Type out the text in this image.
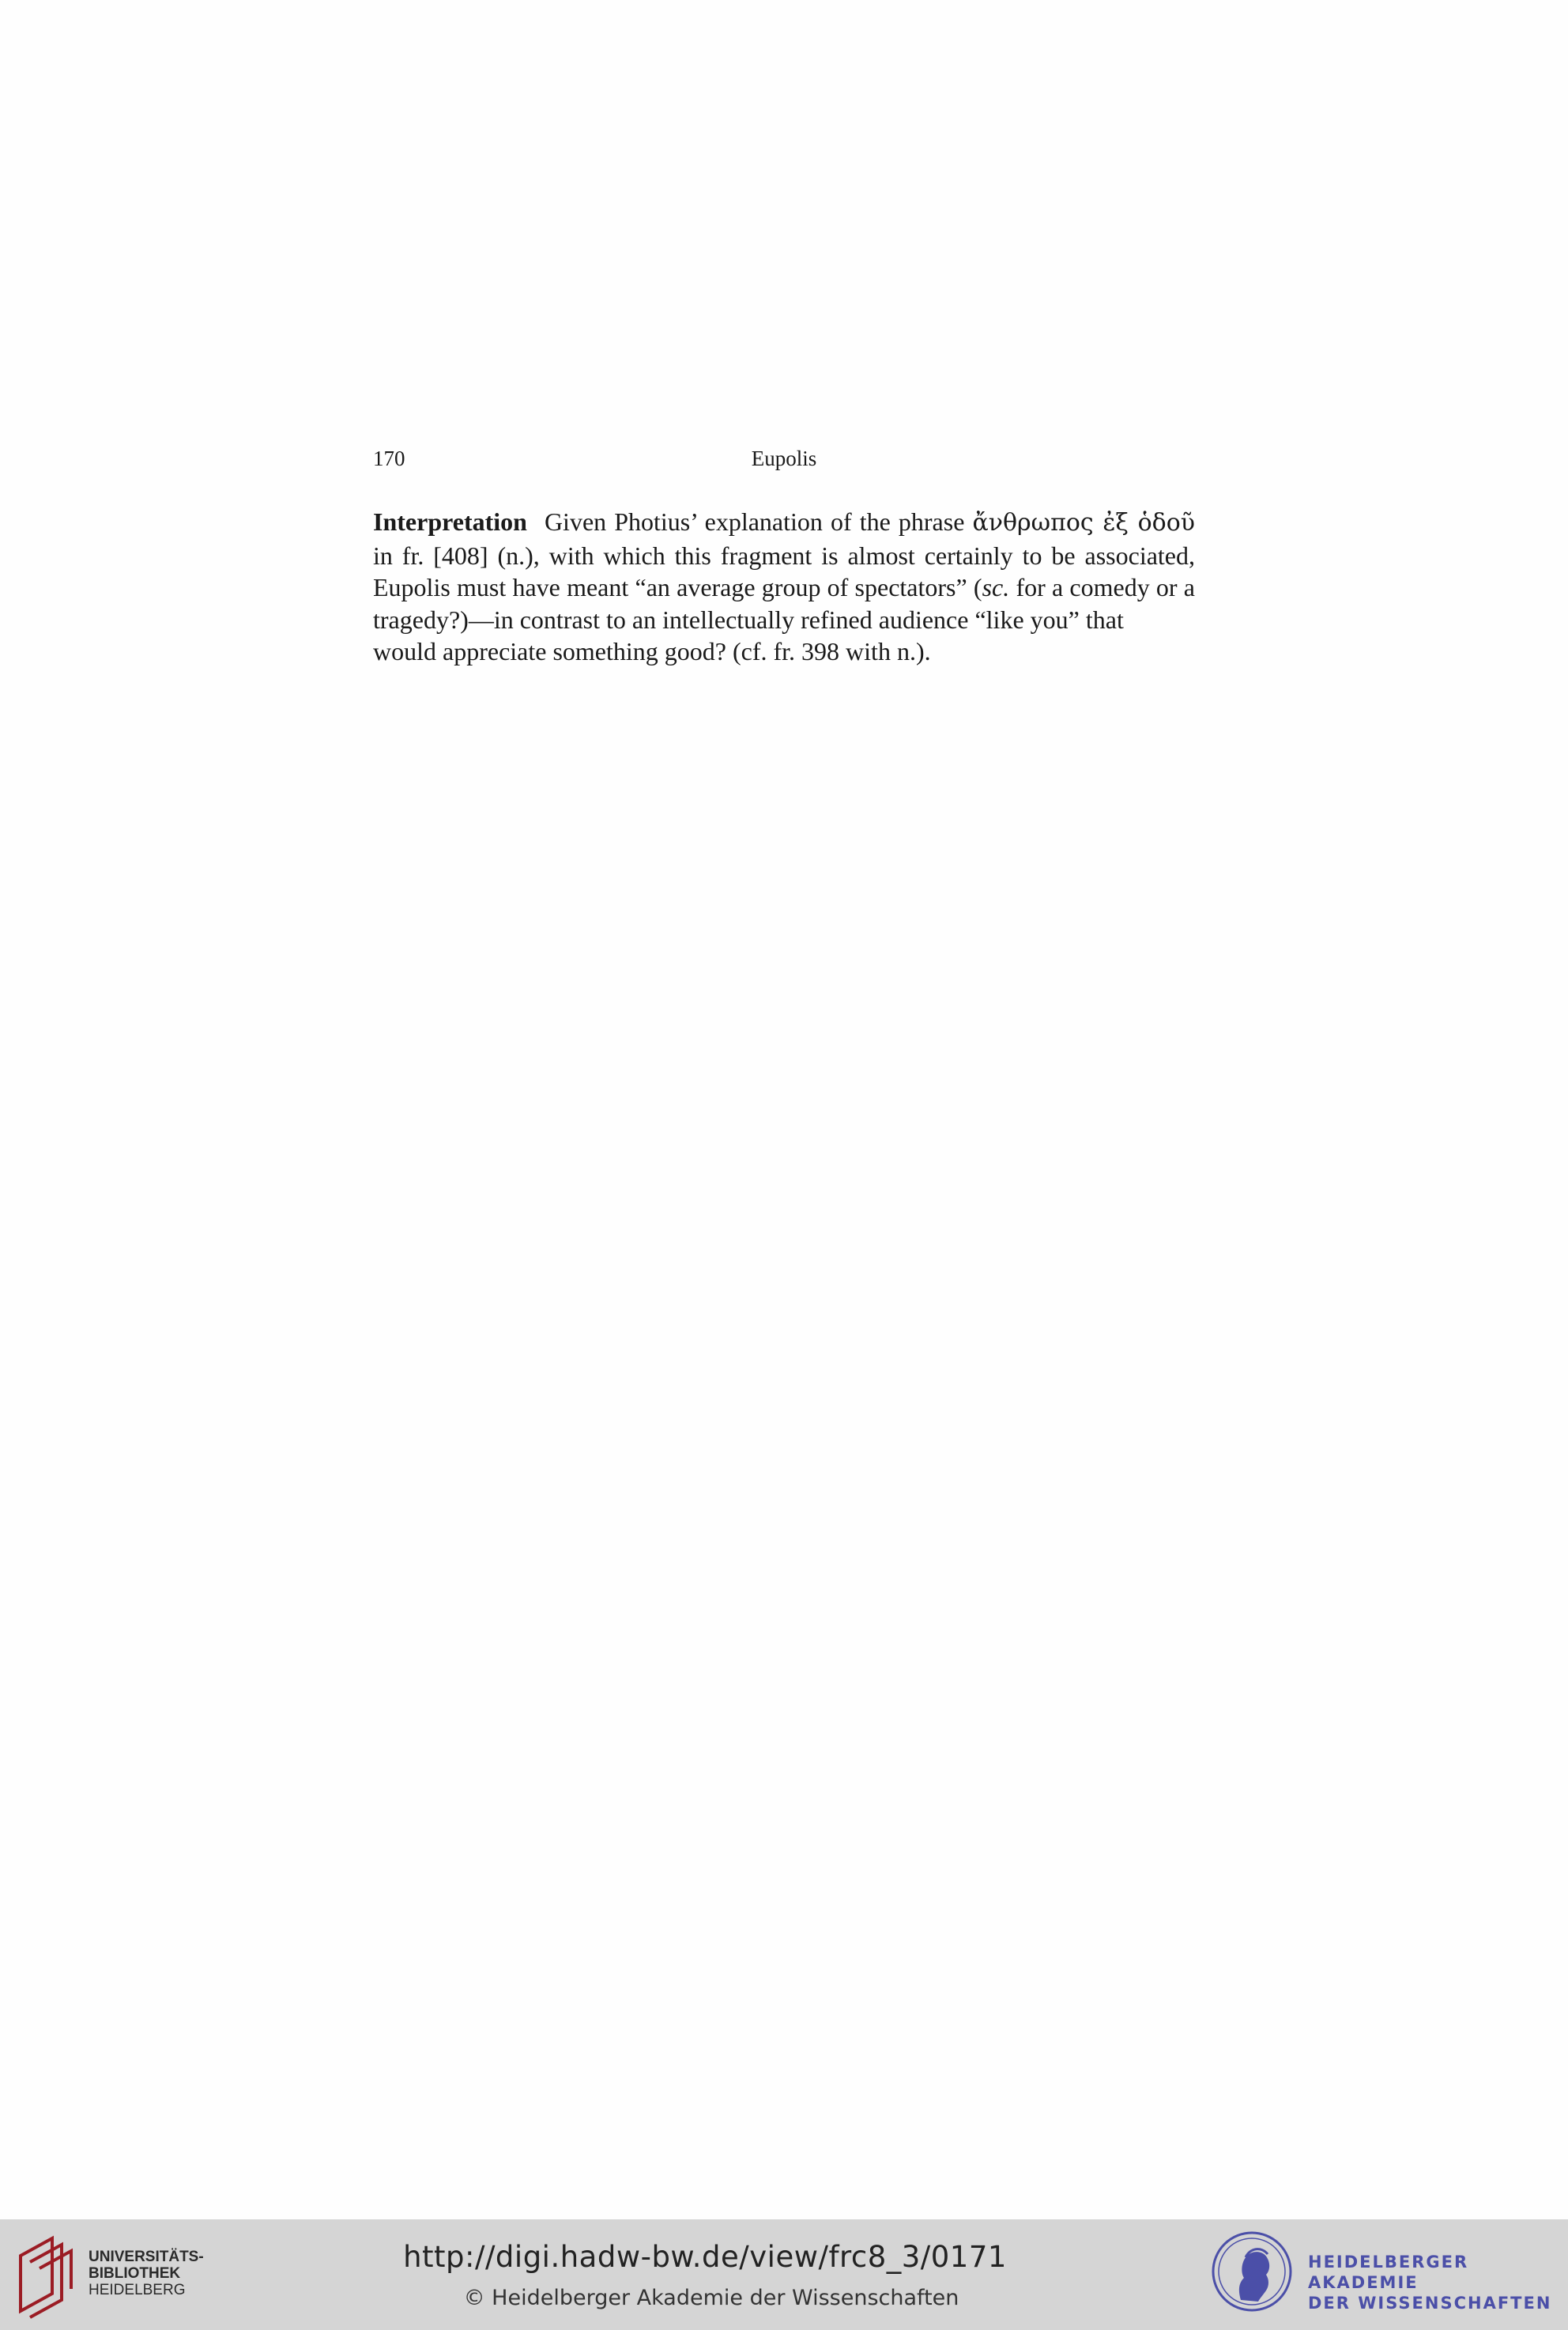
170	Eupolis
Interpretation Given Photius’ explanation of the phrase ἄνθρωπος ἐξ ὁδοῦ in fr. [408] (n.), with which this fragment is almost certainly to be associated, Eupolis must have meant “an average group of spectators” (sc. for a comedy or a tragedy?)—in contrast to an intellectually refined audience “like you” that
would appreciate something good? (cf. fr. 398 with n.).
UNIVERSITÄTS-
BIBLIOTHEK
HEIDELBERG
http://digi.hadw-bw.de/view/frc8_3/0171
© Heidelberger Akademie der Wissenschaften
HEIDELBERGER AKADEMIE
DER WISSENSCHAFTEN
